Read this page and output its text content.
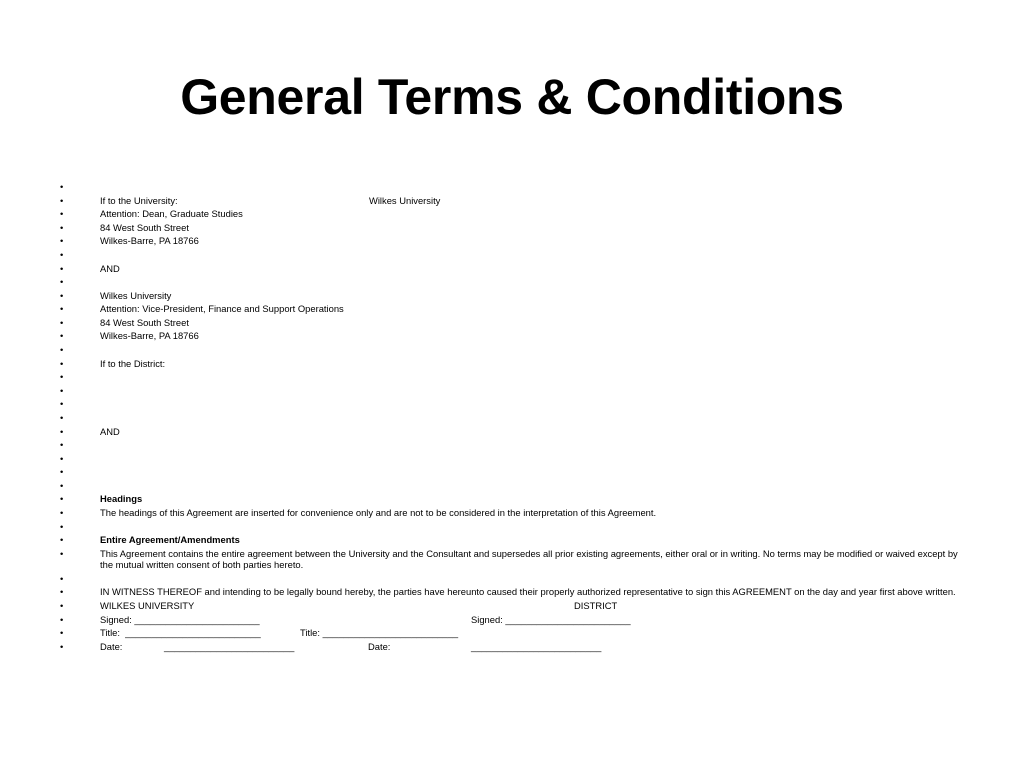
General Terms & Conditions
•
•	If to the University:	Wilkes University
•	Attention: Dean, Graduate Studies
•	84 West South Street
•	Wilkes-Barre, PA 18766
•
•	AND
•
•	Wilkes University
•	Attention: Vice-President, Finance and Support Operations
•	84 West South Street
•	Wilkes-Barre, PA 18766
•
•	If to the District:
•
•
•
•
•	AND
•
•
•
•
•	Headings
•	The headings of this Agreement are inserted for convenience only and are not to be considered in the interpretation of this Agreement.
•
•	Entire Agreement/Amendments
•	This Agreement contains the entire agreement between the University and the Consultant and supersedes all prior existing agreements, either oral or in writing. No terms may be modified or waived except by the mutual written consent of both parties hereto.
•
•	IN WITNESS THEREOF and intending to be legally bound hereby, the parties have hereunto caused their properly authorized representative to sign this AGREEMENT on the day and year first above written.
•	WILKES UNIVERSITY	DISTRICT
•	Signed: ________________________	Signed: ________________________
•	Title:  __________________________	Title: __________________________
•	Date:	_________________________	Date:	_________________________
